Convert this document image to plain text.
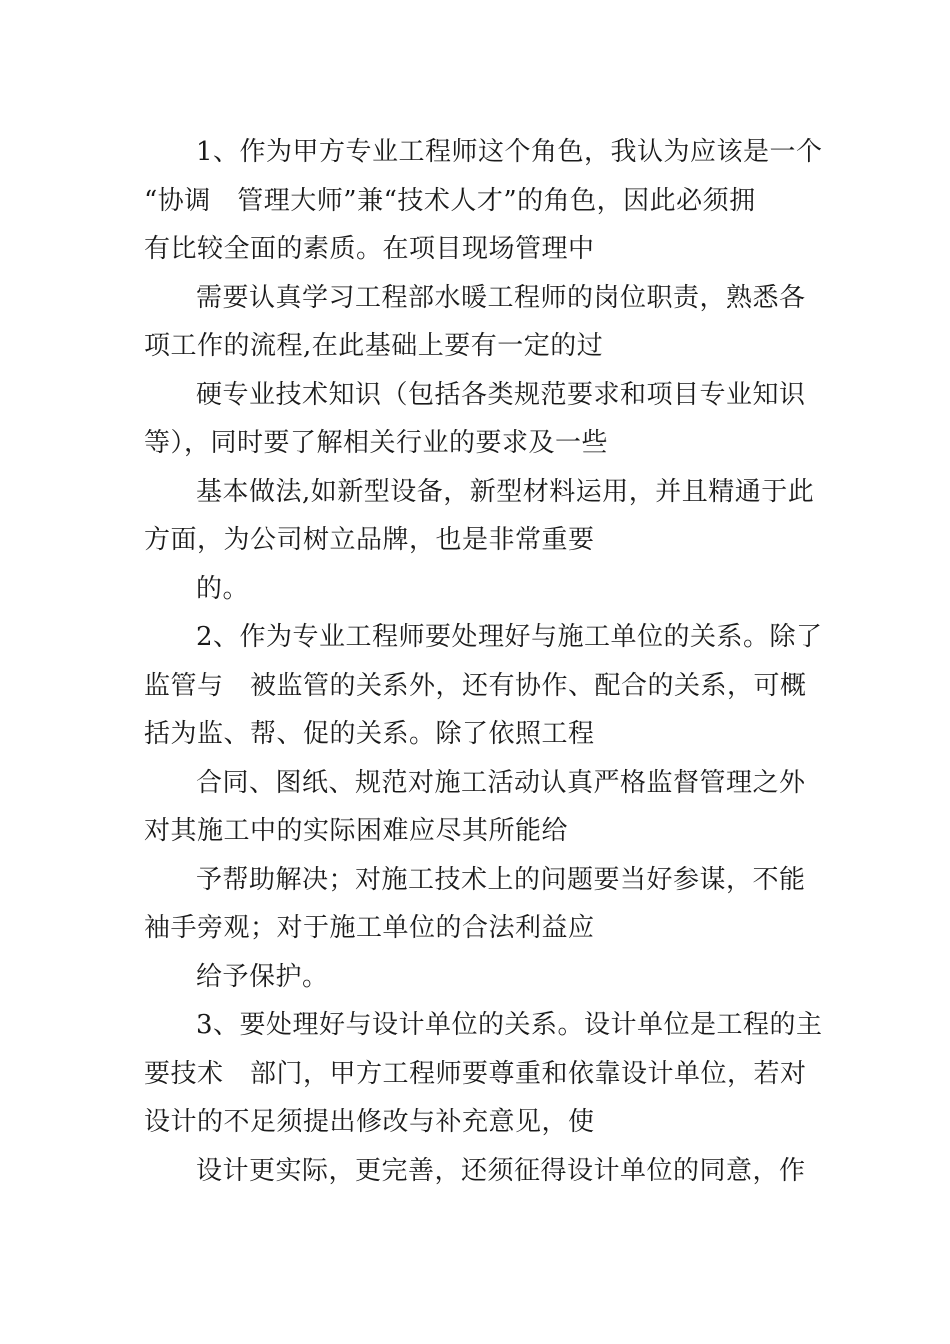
1、作为甲方专业工程师这个角色，我认为应该是一个
“协调　管理大师”兼“技术人才”的角色，因此必须拥
有比较全面的素质。在项目现场管理中
需要认真学习工程部水暖工程师的岗位职责，熟悉各
项工作的流程,在此基础上要有一定的过
硬专业技术知识（包括各类规范要求和项目专业知识
等），同时要了解相关行业的要求及一些
基本做法,如新型设备，新型材料运用，并且精通于此
方面，为公司树立品牌，也是非常重要
的。
2、作为专业工程师要处理好与施工单位的关系。除了
监管与　被监管的关系外，还有协作、配合的关系，可概
括为监、帮、促的关系。除了依照工程
合同、图纸、规范对施工活动认真严格监督管理之外
对其施工中的实际困难应尽其所能给
予帮助解决；对施工技术上的问题要当好参谋，不能
袖手旁观；对于施工单位的合法利益应
给予保护。
3、要处理好与设计单位的关系。设计单位是工程的主
要技术　部门，甲方工程师要尊重和依靠设计单位，若对
设计的不足须提出修改与补充意见，使
设计更实际，更完善，还须征得设计单位的同意，作
